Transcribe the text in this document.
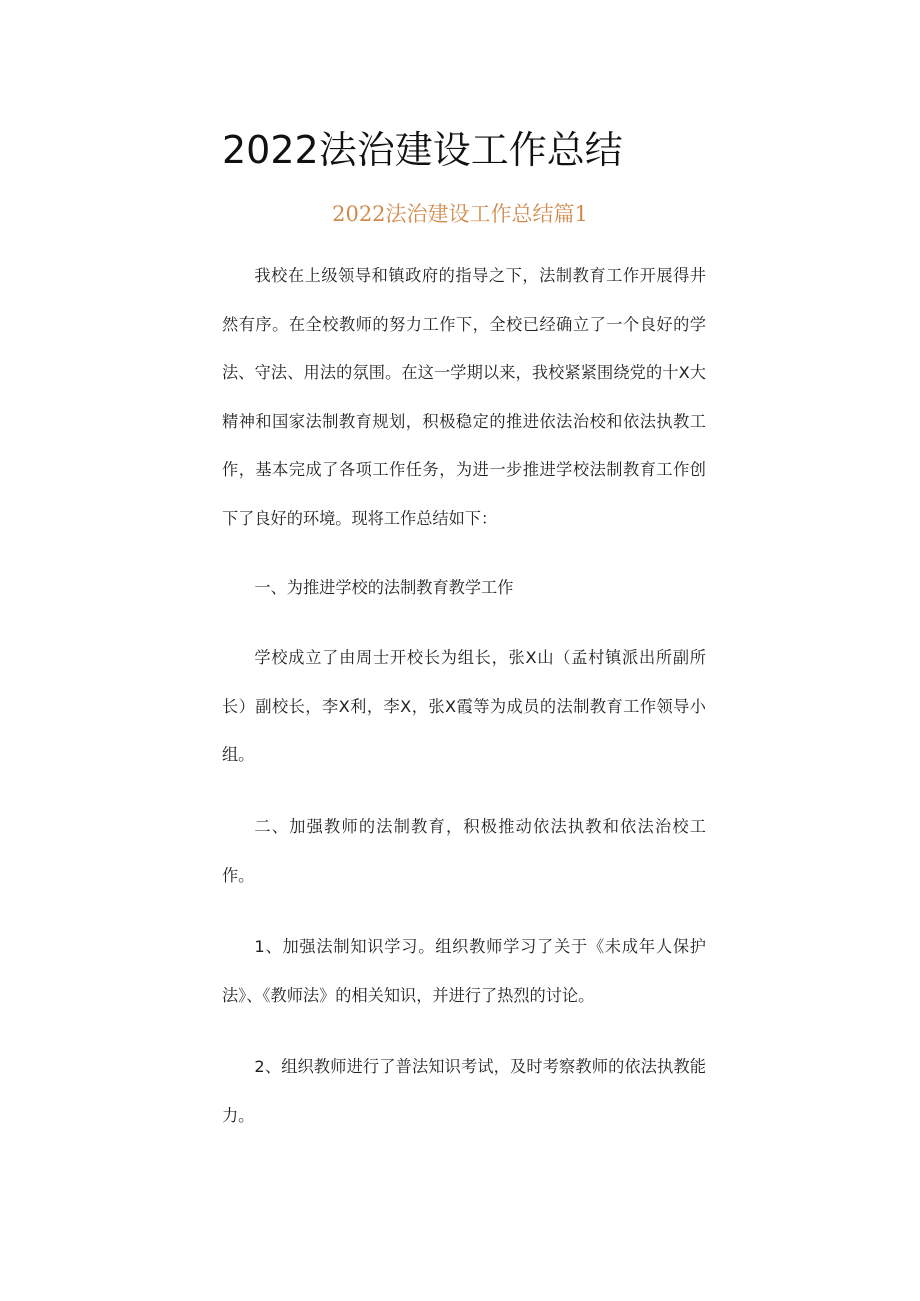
2022法治建设工作总结
2022法治建设工作总结篇1

我校在上级领导和镇政府的指导之下，法制教育工作开展得井然有序。在全校教师的努力工作下，全校已经确立了一个良好的学法、守法、用法的氛围。在这一学期以来，我校紧紧围绕党的十X大精神和国家法制教育规划，积极稳定的推进依法治校和依法执教工作，基本完成了各项工作任务，为进一步推进学校法制教育工作创下了良好的环境。现将工作总结如下：

一、为推进学校的法制教育教学工作

学校成立了由周士开校长为组长，张X山（孟村镇派出所副所长）副校长，李X利，李X，张X霞等为成员的法制教育工作领导小组。

二、加强教师的法制教育，积极推动依法执教和依法治校工作。

1、加强法制知识学习。组织教师学习了关于《未成年人保护法》、《教师法》的相关知识，并进行了热烈的讨论。

2、组织教师进行了普法知识考试，及时考察教师的依法执教能力。
